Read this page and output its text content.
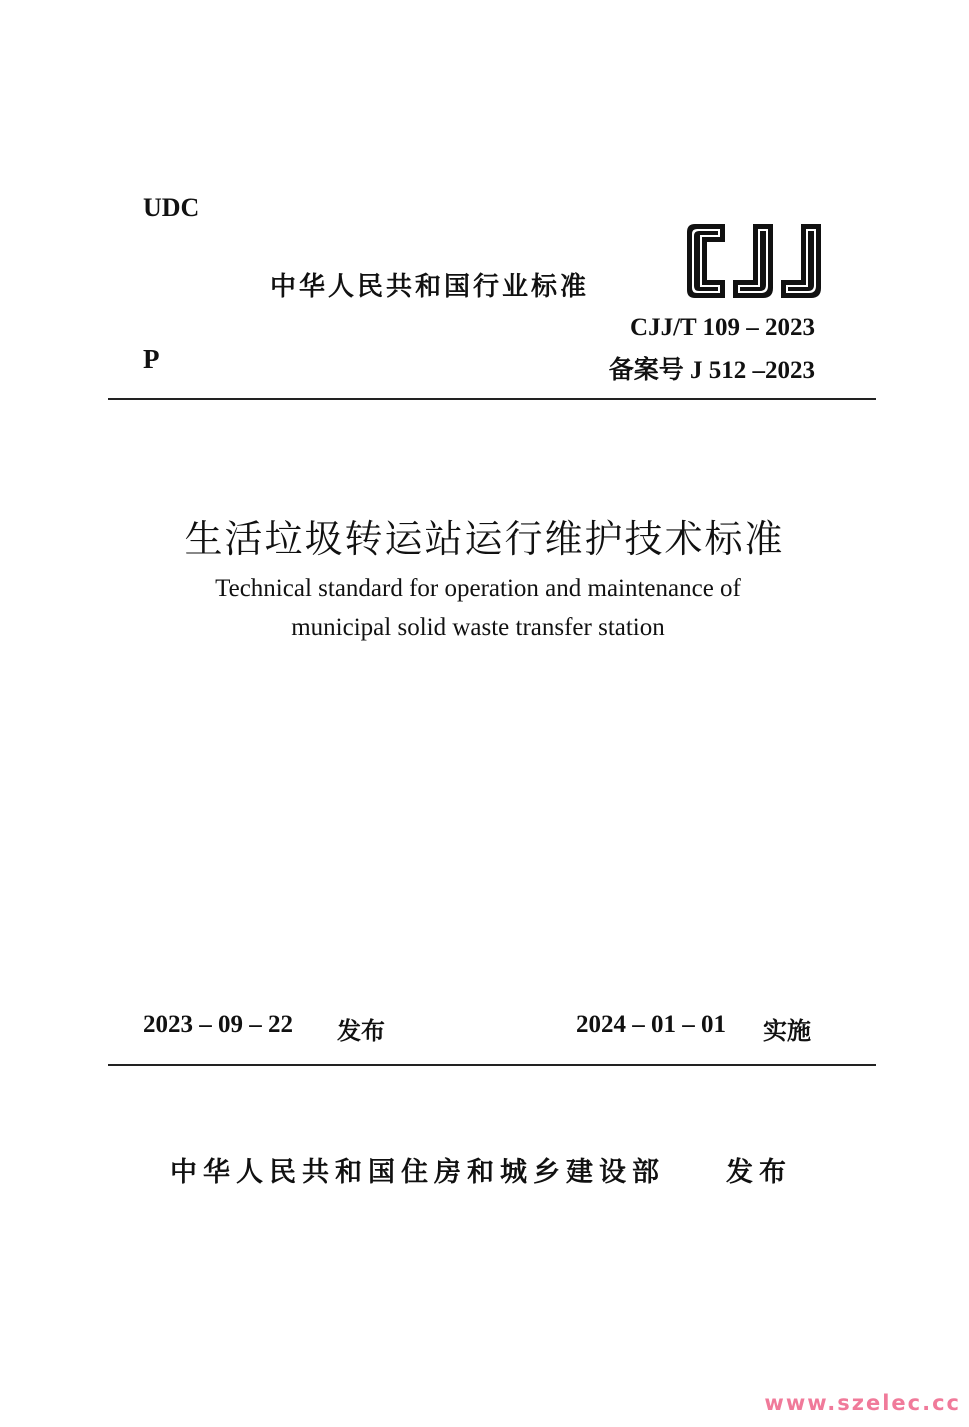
UDC
中华人民共和国行业标准
CJJ/T 109 – 2023
P	备案号 J 512 –2023
生活垃圾转运站运行维护技术标准
Technical standard for operation and maintenance of
municipal solid waste transfer station
2023 – 09 – 22 发布	2024 – 01 – 01 实施
中华人民共和国住房和城乡建设部 发布
www.szelec.cc
